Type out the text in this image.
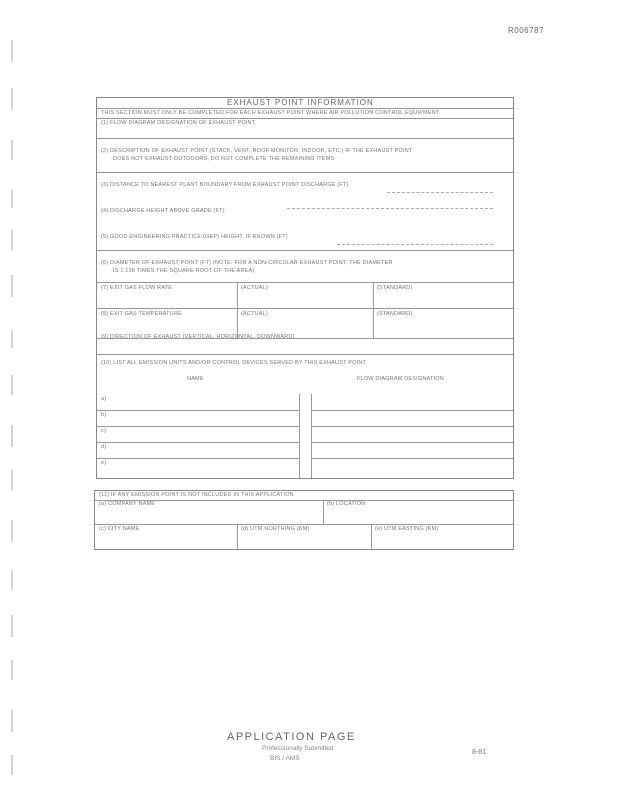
R006787
EXHAUST POINT INFORMATION
THIS SECTION MUST ONLY BE COMPLETED FOR EACH EXHAUST POINT WHERE AIR POLLUTION CONTROL EQUIPMENT
(1) FLOW DIAGRAM DESIGNATION OF EXHAUST POINT
(2) DESCRIPTION OF EXHAUST POINT (STACK, VENT, ROOF MONITOR, INDOOR, ETC.) IF THE EXHAUST POINT
DOES NOT EXHAUST OUTDOORS, DO NOT COMPLETE THE REMAINING ITEMS
(3) DISTANCE TO NEAREST PLANT BOUNDARY FROM EXHAUST POINT DISCHARGE (FT)
(4) DISCHARGE HEIGHT ABOVE GRADE (FT)
(5) GOOD ENGINEERING PRACTICE (GEP) HEIGHT, IF KNOWN (FT)
(6) DIAMETER OF EXHAUST POINT (FT) (NOTE: FOR A NON-CIRCULAR EXHAUST POINT, THE DIAMETER
IS 1.128 TIMES THE SQUARE ROOT OF THE AREA)
(7) EXIT GAS FLOW RATE	(ACTUAL)	(STANDARD)
(8) EXIT GAS TEMPERATURE	(ACTUAL)	(STANDARD)
(9) DIRECTION OF EXHAUST (VERTICAL, HORIZONTAL, DOWNWARD)
(10) LIST ALL EMISSION UNITS AND/OR CONTROL DEVICES SERVED BY THIS EXHAUST POINT
NAME	FLOW DIAGRAM DESIGNATION
a)
b)
c)
d)
e)
(11) IF ANY EMISSION POINT IS NOT INCLUDED IN THIS APPLICATION
(a) COMPANY NAME	(b) LOCATION
(c) CITY NAME	(d) UTM NORTHING (KM)	(e) UTM EASTING (KM)
APPLICATION PAGE
Professionally Submitted
BIS / AMS
8-81
